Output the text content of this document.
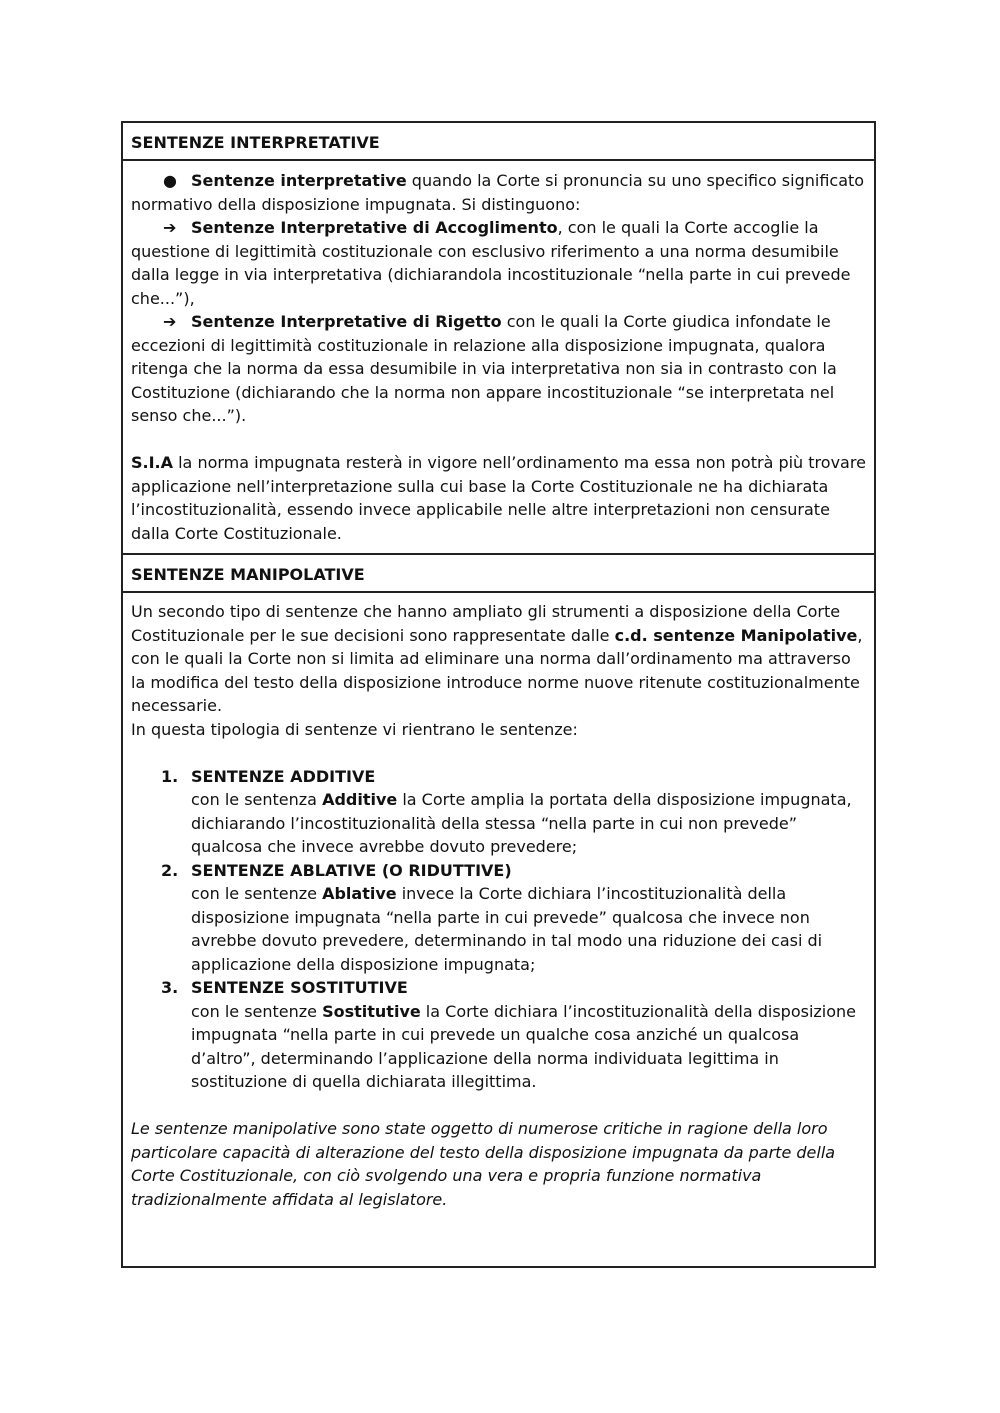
SENTENZE INTERPRETATIVE

● Sentenze interpretative quando la Corte si pronuncia su uno specifico significato normativo della disposizione impugnata. Si distinguono:

➔ Sentenze Interpretative di Accoglimento, con le quali la Corte accoglie la questione di legittimità costituzionale con esclusivo riferimento a una norma desumibile dalla legge in via interpretativa (dichiarandola incostituzionale “nella parte in cui prevede che...”),

➔ Sentenze Interpretative di Rigetto con le quali la Corte giudica infondate le eccezioni di legittimità costituzionale in relazione alla disposizione impugnata, qualora ritenga che la norma da essa desumibile in via interpretativa non sia in contrasto con la Costituzione (dichiarando che la norma non appare incostituzionale “se interpretata nel senso che...”).

S.I.A la norma impugnata resterà in vigore nell’ordinamento ma essa non potrà più trovare applicazione nell’interpretazione sulla cui base la Corte Costituzionale ne ha dichiarata l’incostituzionalità, essendo invece applicabile nelle altre interpretazioni non censurate dalla Corte Costituzionale.

SENTENZE MANIPOLATIVE

Un secondo tipo di sentenze che hanno ampliato gli strumenti a disposizione della Corte Costituzionale per le sue decisioni sono rappresentate dalle c.d. sentenze Manipolative, con le quali la Corte non si limita ad eliminare una norma dall’ordinamento ma attraverso la modifica del testo della disposizione introduce norme nuove ritenute costituzionalmente necessarie.

In questa tipologia di sentenze vi rientrano le sentenze:

1. SENTENZE ADDITIVE
con le sentenza Additive la Corte amplia la portata della disposizione impugnata, dichiarando l’incostituzionalità della stessa “nella parte in cui non prevede” qualcosa che invece avrebbe dovuto prevedere;
2. SENTENZE ABLATIVE (O RIDUTTIVE)
con le sentenze Ablative invece la Corte dichiara l’incostituzionalità della disposizione impugnata “nella parte in cui prevede” qualcosa che invece non avrebbe dovuto prevedere, determinando in tal modo una riduzione dei casi di applicazione della disposizione impugnata;
3. SENTENZE SOSTITUTIVE
con le sentenze Sostitutive la Corte dichiara l’incostituzionalità della disposizione impugnata “nella parte in cui prevede un qualche cosa anziché un qualcosa d’altro”, determinando l’applicazione della norma individuata legittima in sostituzione di quella dichiarata illegittima.

Le sentenze manipolative sono state oggetto di numerose critiche in ragione della loro particolare capacità di alterazione del testo della disposizione impugnata da parte della Corte Costituzionale, con ciò svolgendo una vera e propria funzione normativa tradizionalmente affidata al legislatore.
